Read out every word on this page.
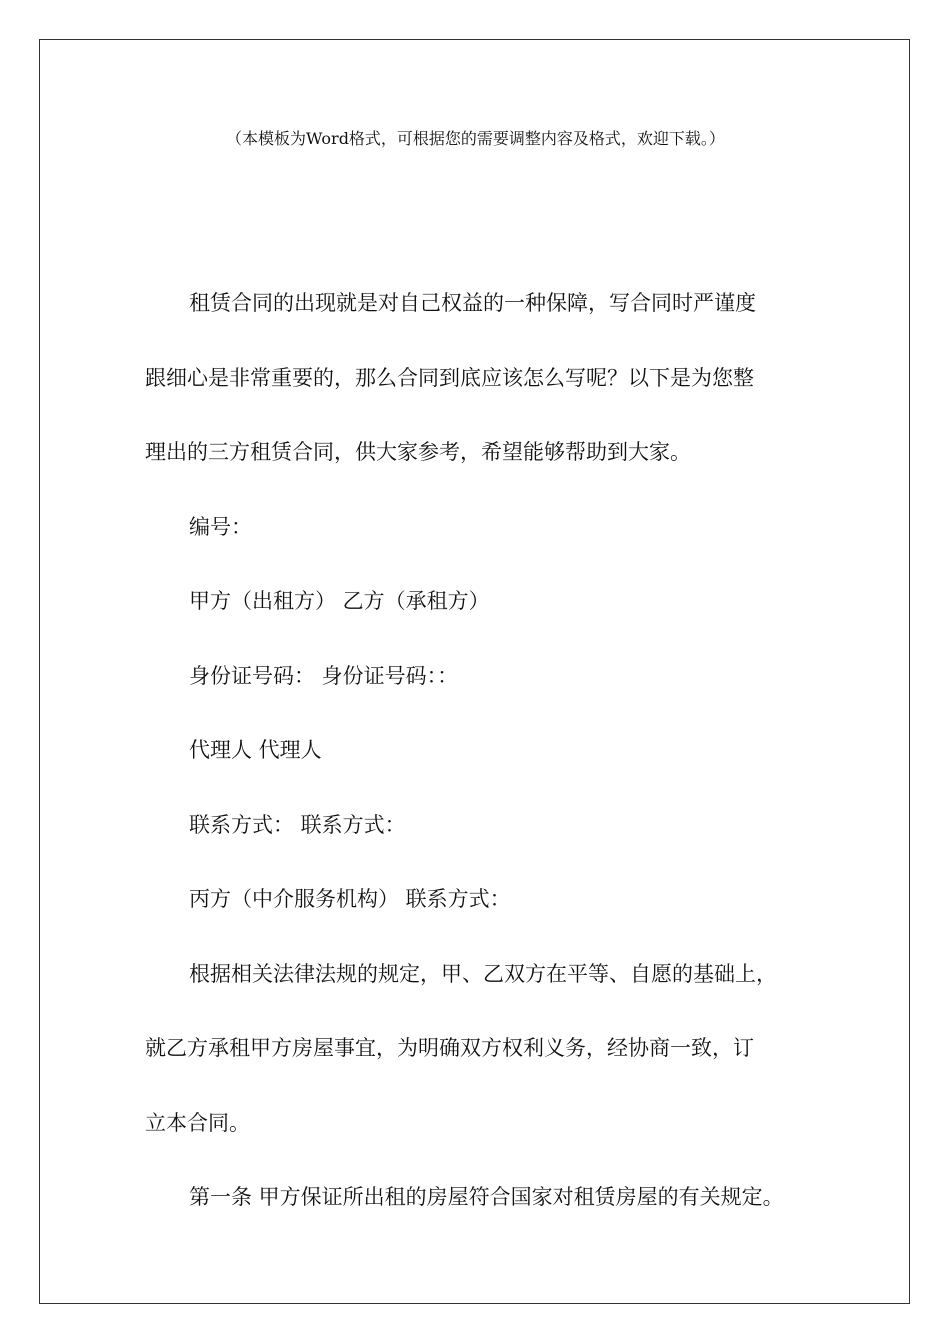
（本模板为Word格式，可根据您的需要调整内容及格式，欢迎下载。）

租赁合同的出现就是对自己权益的一种保障，写合同时严谨度
跟细心是非常重要的，那么合同到底应该怎么写呢？以下是为您整
理出的三方租赁合同，供大家参考，希望能够帮助到大家。

编号：

甲方（出租方） 乙方（承租方）

身份证号码： 身份证号码：：

代理人 代理人

联系方式： 联系方式：

丙方（中介服务机构） 联系方式：

根据相关法律法规的规定，甲、乙双方在平等、自愿的基础上，
就乙方承租甲方房屋事宜，为明确双方权利义务，经协商一致，订
立本合同。

第一条 甲方保证所出租的房屋符合国家对租赁房屋的有关规定。
